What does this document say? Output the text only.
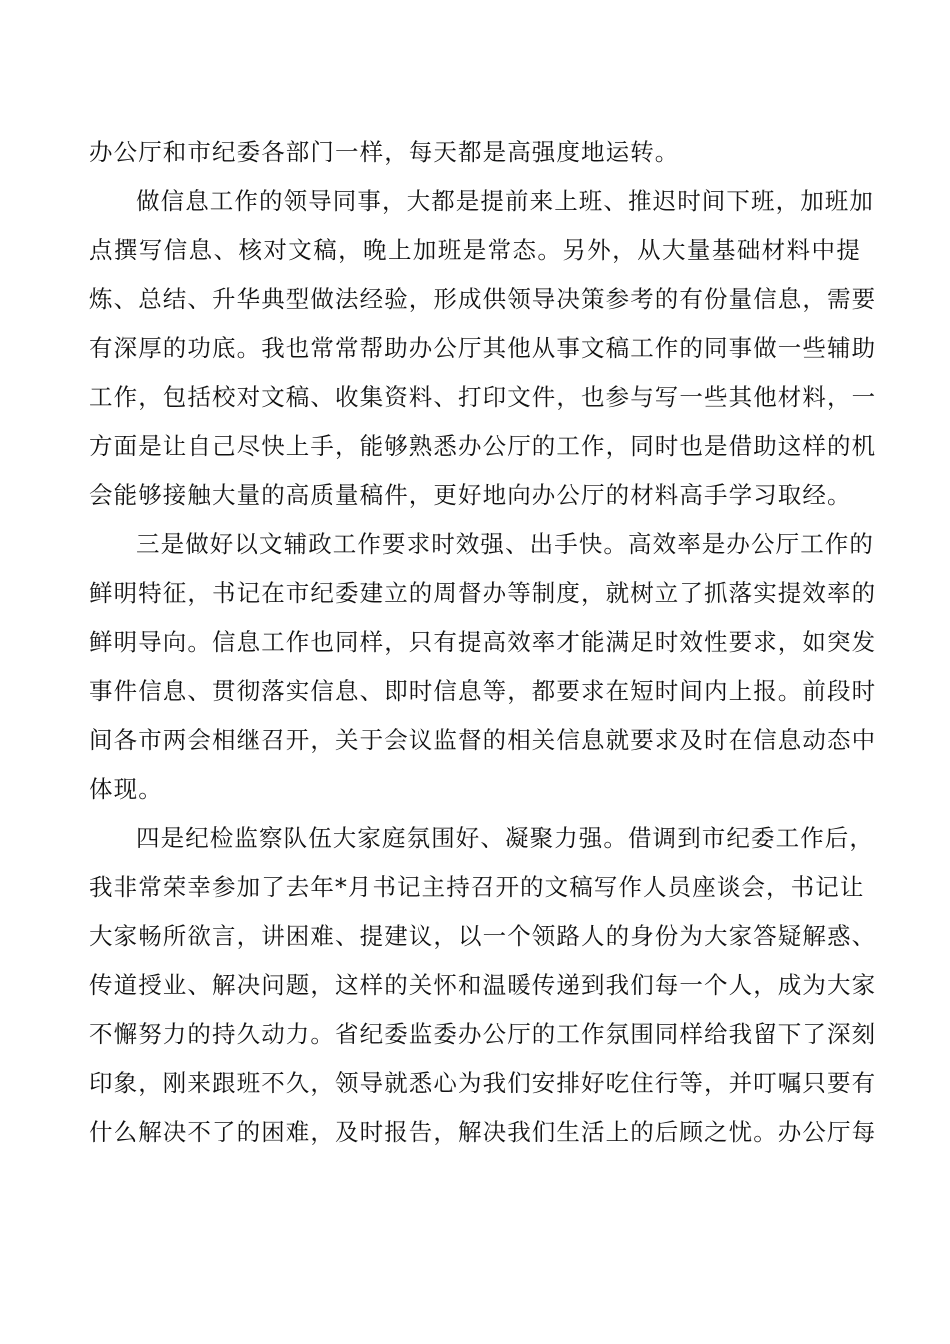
办公厅和市纪委各部门一样，每天都是高强度地运转。
做信息工作的领导同事，大都是提前来上班、推迟时间下班，加班加
点撰写信息、核对文稿，晚上加班是常态。另外，从大量基础材料中提
炼、总结、升华典型做法经验，形成供领导决策参考的有份量信息，需要
有深厚的功底。我也常常帮助办公厅其他从事文稿工作的同事做一些辅助
工作，包括校对文稿、收集资料、打印文件，也参与写一些其他材料，一
方面是让自己尽快上手，能够熟悉办公厅的工作，同时也是借助这样的机
会能够接触大量的高质量稿件，更好地向办公厅的材料高手学习取经。
三是做好以文辅政工作要求时效强、出手快。高效率是办公厅工作的
鲜明特征，书记在市纪委建立的周督办等制度，就树立了抓落实提效率的
鲜明导向。信息工作也同样，只有提高效率才能满足时效性要求，如突发
事件信息、贯彻落实信息、即时信息等，都要求在短时间内上报。前段时
间各市两会相继召开，关于会议监督的相关信息就要求及时在信息动态中
体现。
四是纪检监察队伍大家庭氛围好、凝聚力强。借调到市纪委工作后，
我非常荣幸参加了去年*月书记主持召开的文稿写作人员座谈会，书记让
大家畅所欲言，讲困难、提建议，以一个领路人的身份为大家答疑解惑、
传道授业、解决问题，这样的关怀和温暖传递到我们每一个人，成为大家
不懈努力的持久动力。省纪委监委办公厅的工作氛围同样给我留下了深刻
印象，刚来跟班不久，领导就悉心为我们安排好吃住行等，并叮嘱只要有
什么解决不了的困难，及时报告，解决我们生活上的后顾之忧。办公厅每
